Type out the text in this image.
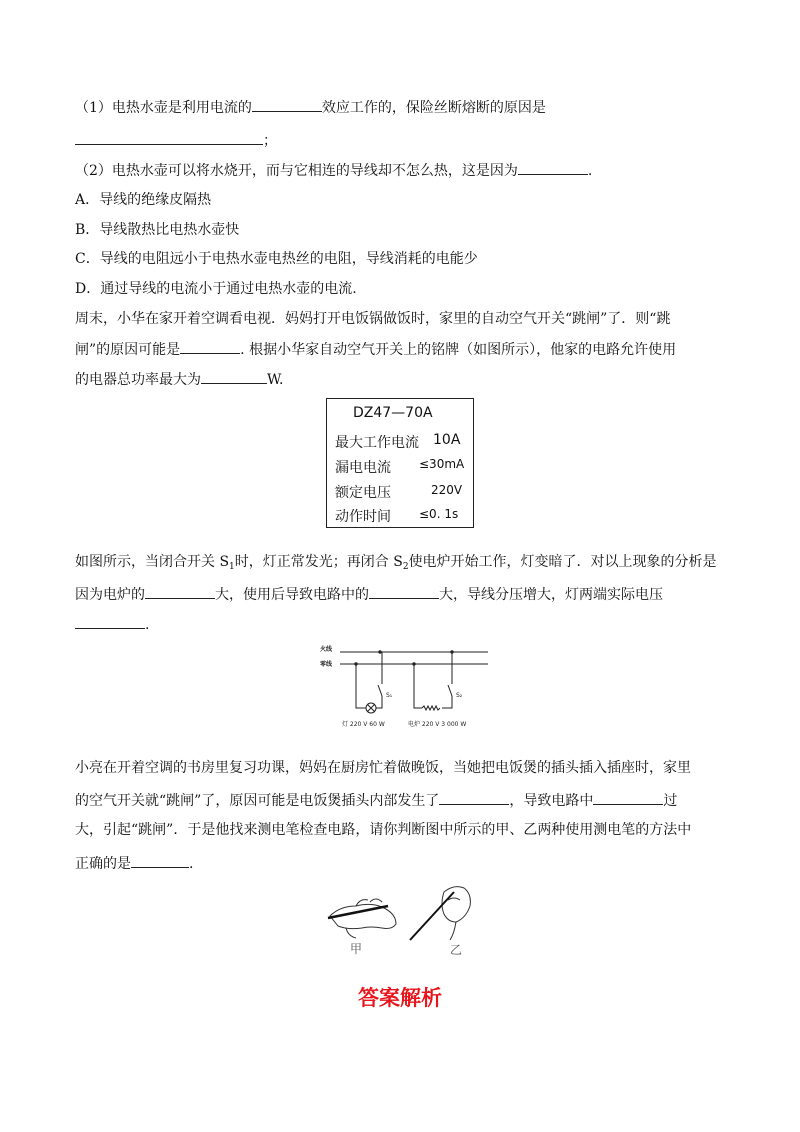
（1）电热水壶是利用电流的	效应工作的，保险丝断熔断的原因是
；
（2）电热水壶可以将水烧开，而与它相连的导线却不怎么热，这是因为	.
A．导线的绝缘皮隔热
B．导线散热比电热水壶快
C．导线的电阻远小于电热水壶电热丝的电阻，导线消耗的电能少
D．通过导线的电流小于通过电热水壶的电流.
周末，小华在家开着空调看电视．妈妈打开电饭锅做饭时，家里的自动空气开关“跳闸”了．则“跳
闸”的原因可能是	. 根据小华家自动空气开关上的铭牌（如图所示），他家的电路允许使用
的电器总功率最大为	W.
DZ47—70A
最大工作电流 10A
漏电电流 ≤30mA
额定电压	220V
动作时间 ≤0. 1s
如图所示，当闭合开关 $S_1$时，灯正常发光；再闭合 $S_2$使电炉开始工作，灯变暗了．对以上现象的分析是
因为电炉的	大，使用后导致电路中的	大，导线分压增大，灯两端实际电压
.
火线
零线
S₁	S₂
灯 220 V 60 W	电炉 220 V 3 000 W
小亮在开着空调的书房里复习功课，妈妈在厨房忙着做晚饭，当她把电饭煲的插头插入插座时，家里
的空气开关就“跳闸”了，原因可能是电饭煲插头内部发生了	，导致电路中	过
大，引起“跳闸”．于是他找来测电笔检查电路，请你判断图中所示的甲、乙两种使用测电笔的方法中
正确的是	.
甲	乙
答案解析
